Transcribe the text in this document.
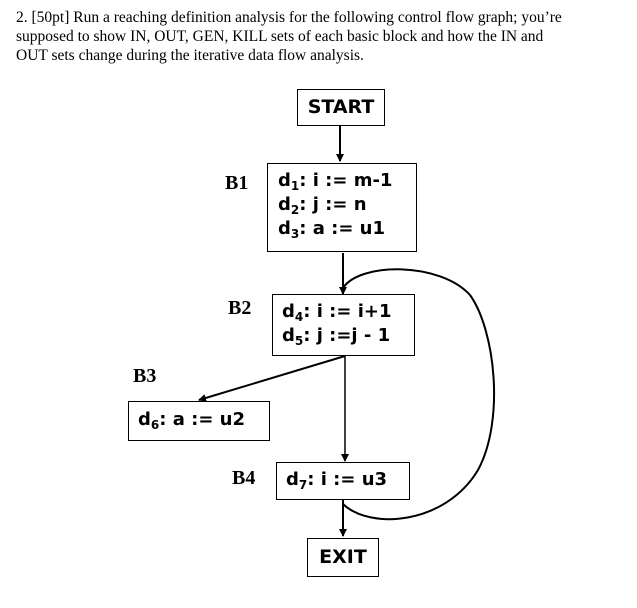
2. [50pt] Run a reaching definition analysis for the following control flow graph; you’re
supposed to show IN, OUT, GEN, KILL sets of each basic block and how the IN and
OUT sets change during the iterative data flow analysis.
START
B1 $d_1$: i := m-1
$d_2$: j := n
$d_3$: a := u1
B2 $d_4$: i := i+1
$d_5$: j :=j - 1
B3
$d_6$: a := u2
B4 $d_7$: i := u3
EXIT
